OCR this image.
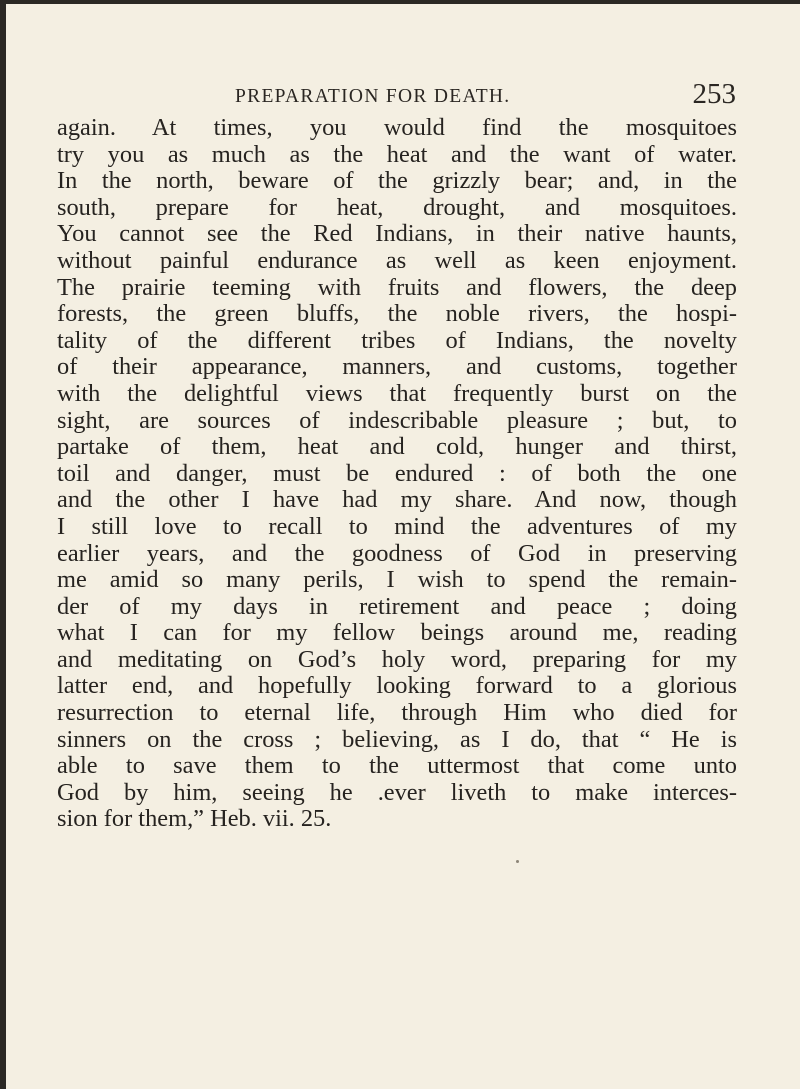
PREPARATION FOR DEATH.	253
again. At times, you would find the mosquitoes
try you as much as the heat and the want of water.
In the north, beware of the grizzly bear; and, in the
south, prepare for heat, drought, and mosquitoes.
You cannot see the Red Indians, in their native haunts,
without painful endurance as well as keen enjoyment.
The prairie teeming with fruits and flowers, the deep
forests, the green bluffs, the noble rivers, the hospi-
tality of the different tribes of Indians, the novelty
of their appearance, manners, and customs, together
with the delightful views that frequently burst on the
sight, are sources of indescribable pleasure ; but, to
partake of them, heat and cold, hunger and thirst,
toil and danger, must be endured : of both the one
and the other I have had my share. And now, though
I still love to recall to mind the adventures of my
earlier years, and the goodness of God in preserving
me amid so many perils, I wish to spend the remain-
der of my days in retirement and peace ; doing
what I can for my fellow beings around me, reading
and meditating on God’s holy word, preparing for my
latter end, and hopefully looking forward to a glorious
resurrection to eternal life, through Him who died for
sinners on the cross ; believing, as I do, that “ He is
able to save them to the uttermost that come unto
God by him, seeing he .ever liveth to make interces-
sion for them,” Heb. vii. 25.
